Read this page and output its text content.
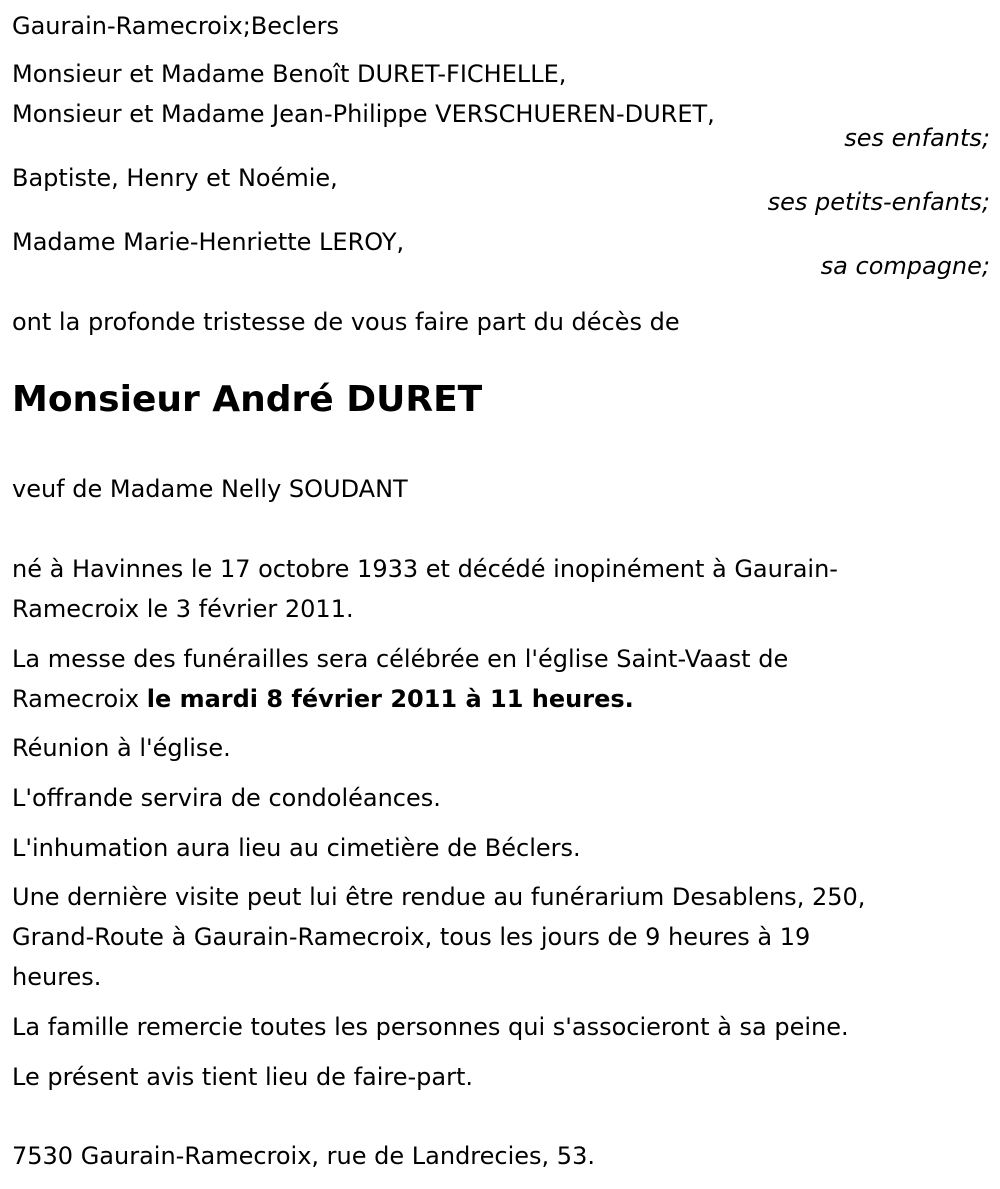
Gaurain-Ramecroix;Beclers

Monsieur et Madame Benoît DURET-FICHELLE,

Monsieur et Madame Jean-Philippe VERSCHUEREN-DURET,

ses enfants;

Baptiste, Henry et Noémie,

ses petits-enfants;

Madame Marie-Henriette LEROY,

sa compagne;

ont la profonde tristesse de vous faire part du décès de

Monsieur André DURET

veuf de Madame Nelly SOUDANT

né à Havinnes le 17 octobre 1933 et décédé inopinément à Gaurain-

Ramecroix le 3 février 2011.

La messe des funérailles sera célébrée en l'église Saint-Vaast de

Ramecroix le mardi 8 février 2011 à 11 heures.

Réunion à l'église.

L'offrande servira de condoléances.

L'inhumation aura lieu au cimetière de Béclers.

Une dernière visite peut lui être rendue au funérarium Desablens, 250,

Grand-Route à Gaurain-Ramecroix, tous les jours de 9 heures à 19

heures.

La famille remercie toutes les personnes qui s'associeront à sa peine.

Le présent avis tient lieu de faire-part.

7530 Gaurain-Ramecroix, rue de Landrecies, 53.
